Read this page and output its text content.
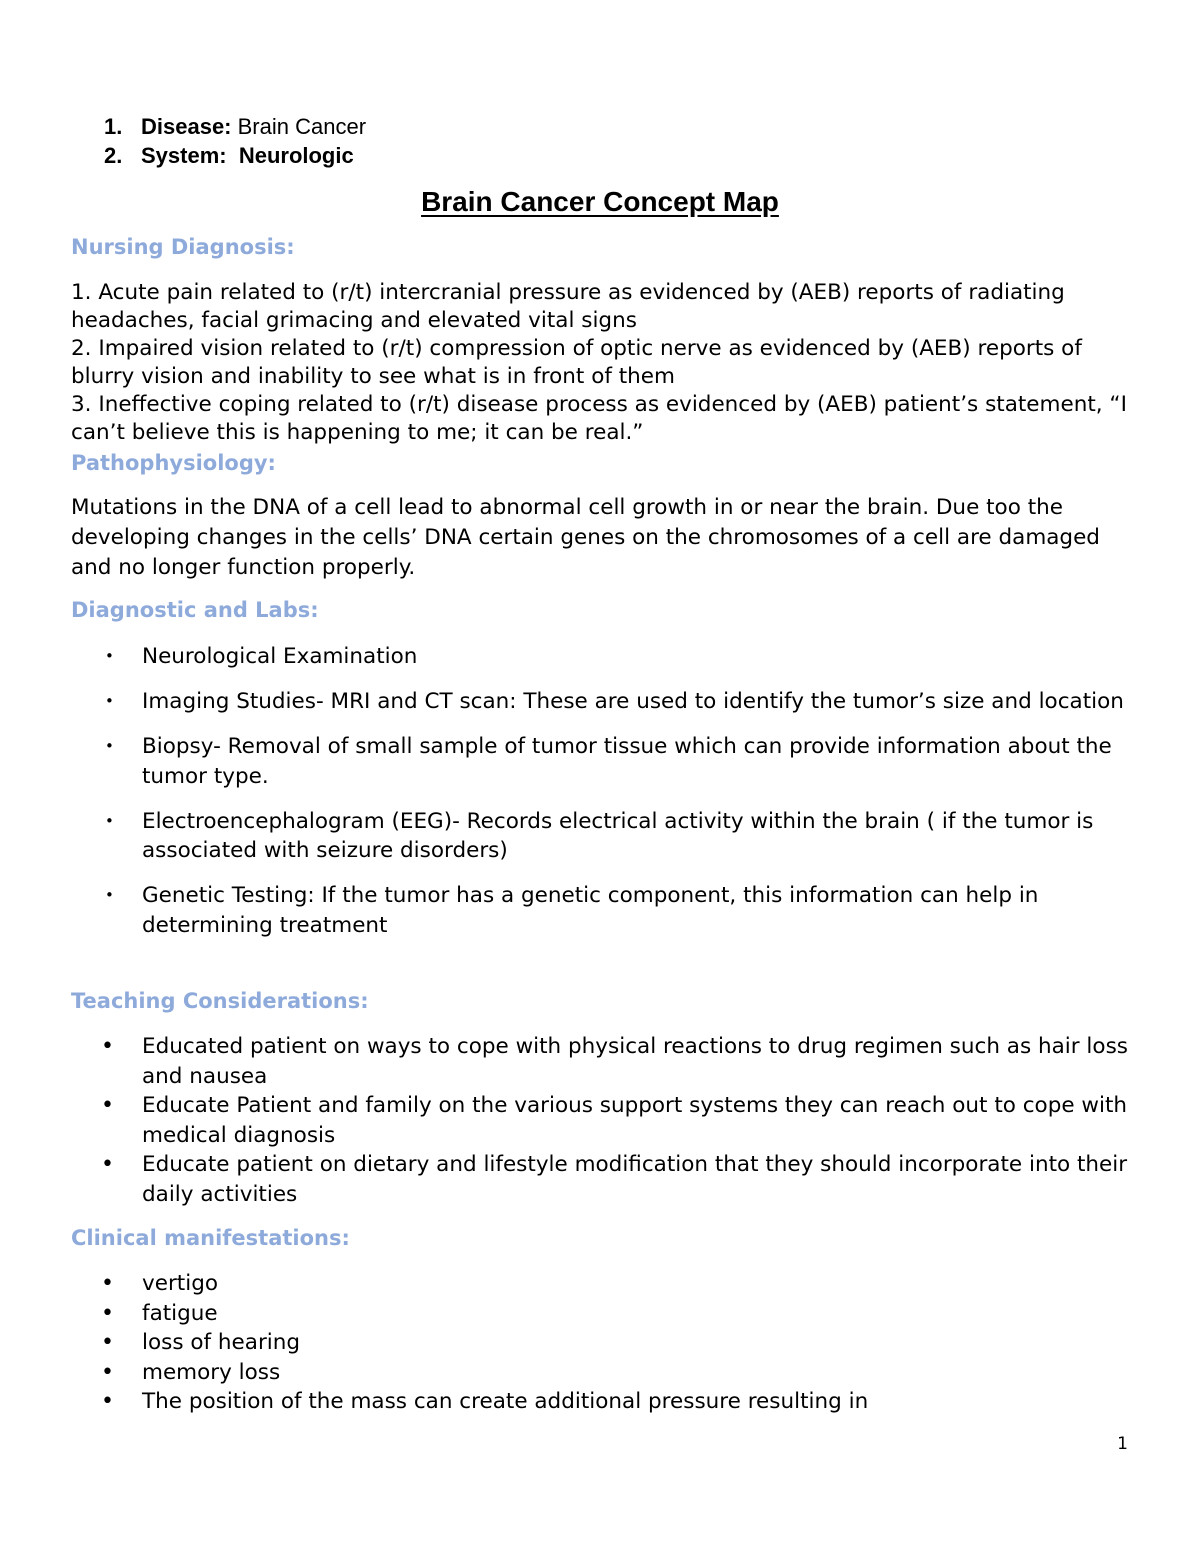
1. Disease: Brain Cancer
2. System:  Neurologic
Brain Cancer Concept Map
Nursing Diagnosis:
1. Acute pain related to (r/t) intercranial pressure as evidenced by (AEB) reports of radiating headaches, facial grimacing and elevated vital signs
2. Impaired vision related to (r/t) compression of optic nerve as evidenced by (AEB) reports of blurry vision and inability to see what is in front of them
3. Ineffective coping related to (r/t) disease process as evidenced by (AEB) patient’s statement, “I can’t believe this is happening to me; it can be real.”
Pathophysiology:

Mutations in the DNA of a cell lead to abnormal cell growth in or near the brain. Due too the developing changes in the cells’ DNA certain genes on the chromosomes of a cell are damaged and no longer function properly.

Diagnostic and Labs:
• Neurological Examination
• Imaging Studies- MRI and CT scan: These are used to identify the tumor’s size and location
• Biopsy- Removal of small sample of tumor tissue which can provide information about the tumor type.
• Electroencephalogram (EEG)- Records electrical activity within the brain ( if the tumor is associated with seizure disorders)
• Genetic Testing: If the tumor has a genetic component, this information can help in determining treatment
Teaching Considerations:
• Educated patient on ways to cope with physical reactions to drug regimen such as hair loss and nausea
• Educate Patient and family on the various support systems they can reach out to cope with medical diagnosis
• Educate patient on dietary and lifestyle modification that they should incorporate into their daily activities
Clinical manifestations:
• vertigo
• fatigue
• loss of hearing
• memory loss
• The position of the mass can create additional pressure resulting in
1
